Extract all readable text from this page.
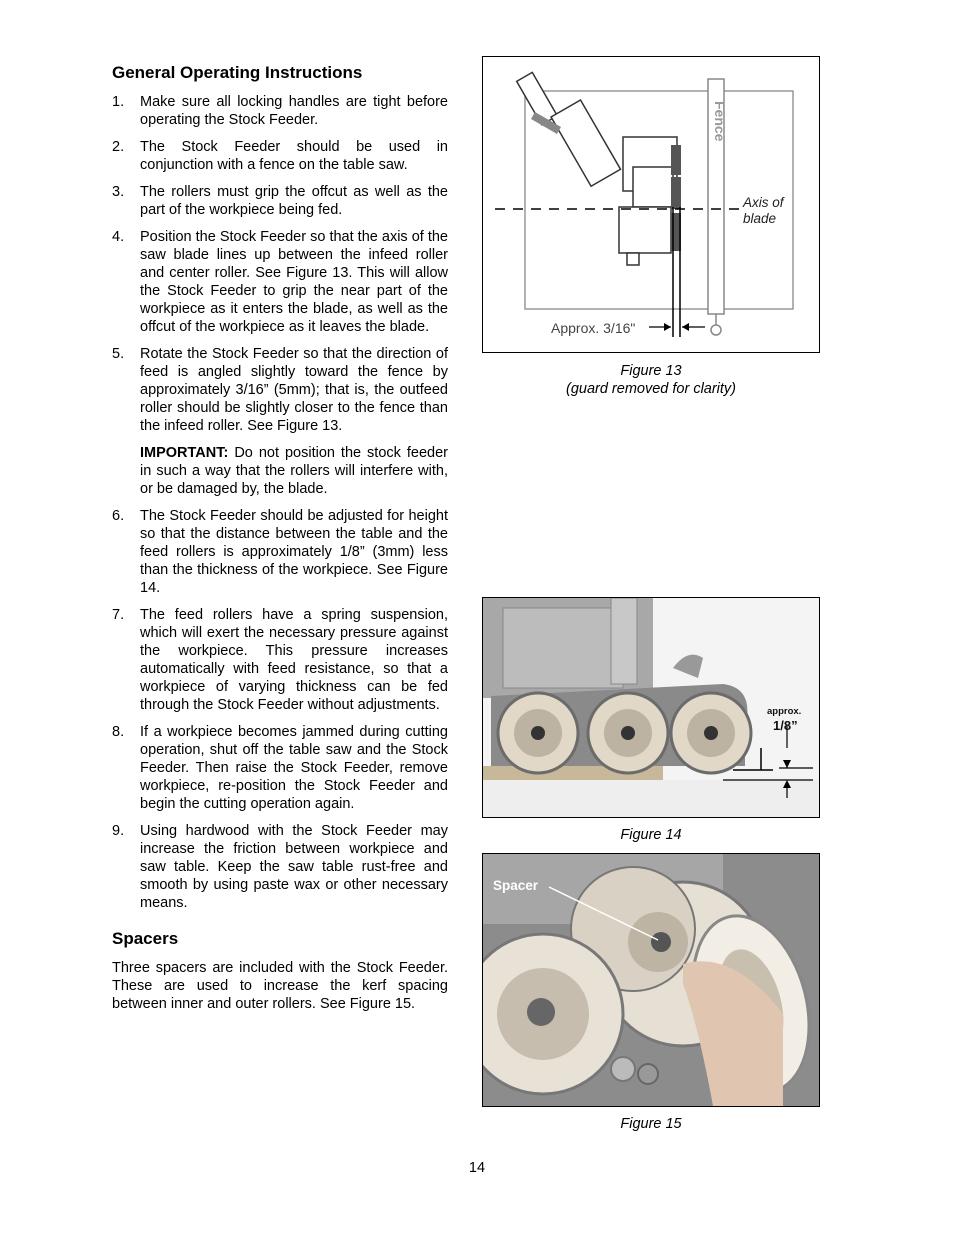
General Operating Instructions
1. Make sure all locking handles are tight before operating the Stock Feeder.
2. The Stock Feeder should be used in conjunction with a fence on the table saw.
3. The rollers must grip the offcut as well as the part of the workpiece being fed.
4. Position the Stock Feeder so that the axis of the saw blade lines up between the infeed roller and center roller. See Figure 13. This will allow the Stock Feeder to grip the near part of the workpiece as it enters the blade, as well as the offcut of the workpiece as it leaves the blade.
5. Rotate the Stock Feeder so that the direction of feed is angled slightly toward the fence by approximately 3/16” (5mm); that is, the outfeed roller should be slightly closer to the fence than the infeed roller. See Figure 13.
IMPORTANT: Do not position the stock feeder in such a way that the rollers will interfere with, or be damaged by, the blade.
6. The Stock Feeder should be adjusted for height so that the distance between the table and the feed rollers is approximately 1/8” (3mm) less than the thickness of the workpiece. See Figure 14.
7. The feed rollers have a spring suspension, which will exert the necessary pressure against the workpiece. This pressure increases automatically with feed resistance, so that a workpiece of varying thickness can be fed through the Stock Feeder without adjustments.
8. If a workpiece becomes jammed during cutting operation, shut off the table saw and the Stock Feeder. Then raise the Stock Feeder, remove workpiece, re-position the Stock Feeder and begin the cutting operation again.
9. Using hardwood with the Stock Feeder may increase the friction between workpiece and saw table. Keep the saw table rust-free and smooth by using paste wax or other necessary means.
Spacers

Three spacers are included with the Stock Feeder. These are used to increase the kerf spacing between inner and outer rollers. See Figure 15.

Fence
Axis of
blade
Approx. 3/16"
Figure 13
(guard removed for clarity)
approx.
1/8”
Figure 14
Spacer
Figure 15
14
